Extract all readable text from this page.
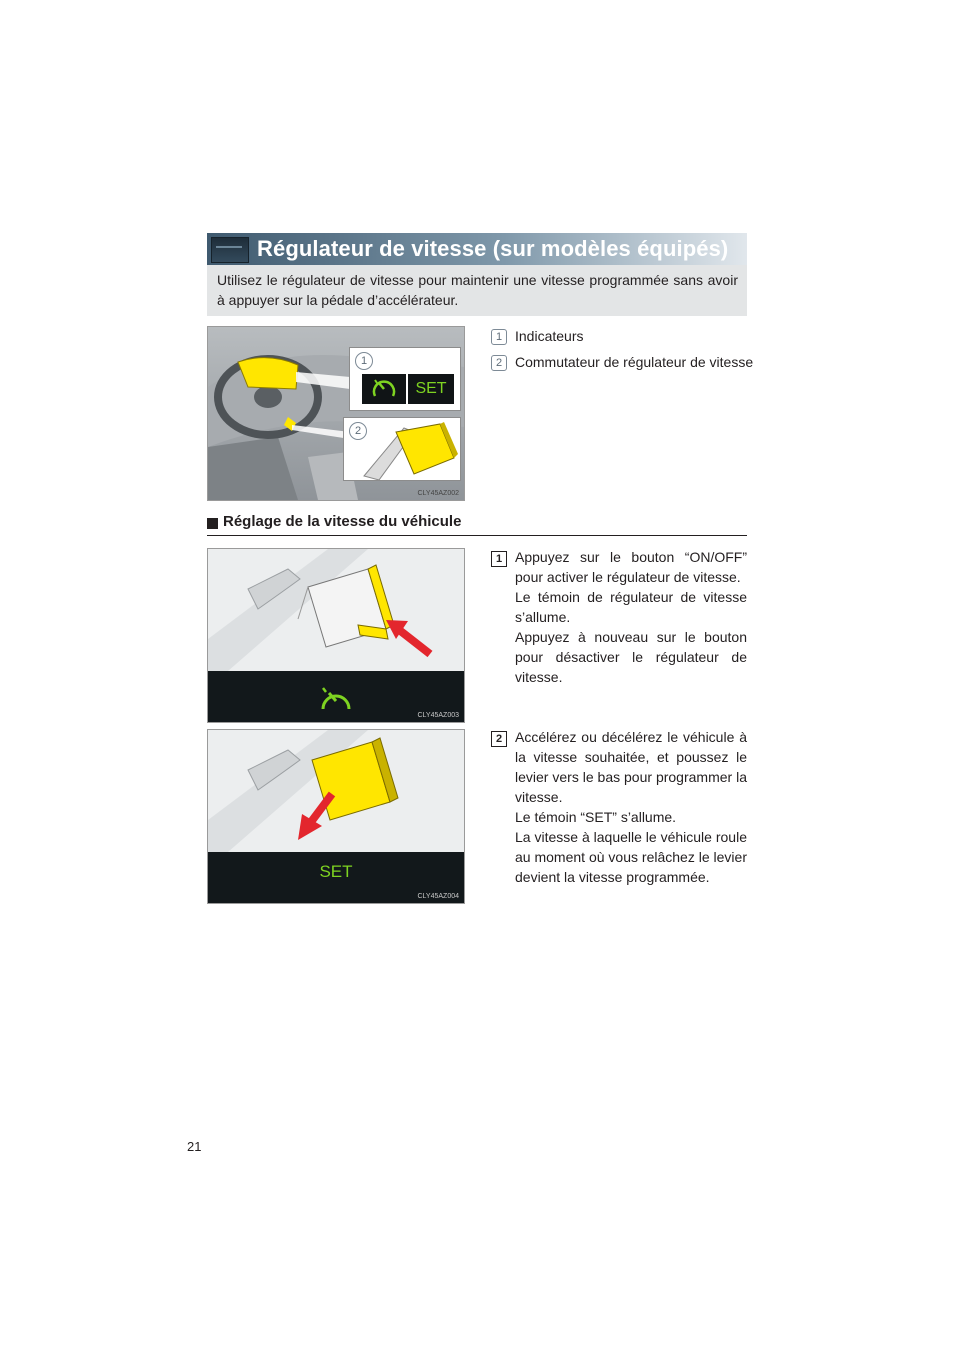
Régulateur de vitesse (sur modèles équipés)
Utilisez le régulateur de vitesse pour maintenir une vitesse programmée sans avoir à appuyer sur la pédale d’accélérateur.
1
SET
2
CLY45AZ002
1 Indicateurs
2 Commutateur de régulateur de vitesse
Réglage de la vitesse du véhicule
CLY45AZ003
1 Appuyez sur le bouton “ON/OFF” pour activer le régulateur de vitesse.

Le témoin de régulateur de vitesse s’allume.

Appuyez à nouveau sur le bouton pour désactiver le régulateur de vitesse.

SET
CLY45AZ004
2 Accélérez ou décélérez le véhicule à la vitesse souhaitée, et poussez le levier vers le bas pour programmer la vitesse.

Le témoin “SET” s’allume.

La vitesse à laquelle le véhicule roule au moment où vous relâchez le levier devient la vitesse programmée.

21
